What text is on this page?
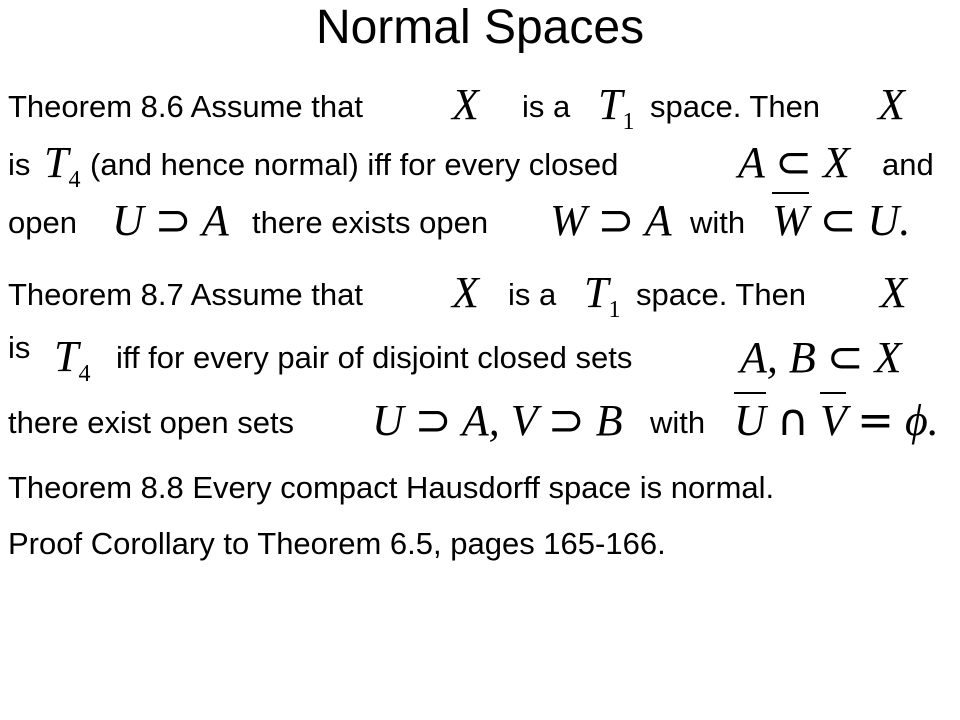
Normal Spaces
Theorem 8.6 Assume that X is a $T_1$ space. Then X
is $T_4$ (and hence normal) iff for every closed	A ⊂ X and
open U ⊃ A there exists open W ⊃ A with W ⊂ U.
Theorem 8.7 Assume that X is a $T_1$ space. Then X
is $T_4$ iff for every pair of disjoint closed sets A, B ⊂ X
there exist open sets U ⊃ A, V ⊃ B with U ∩ V = ϕ.
Theorem 8.8 Every compact Hausdorff space is normal.
Proof Corollary to Theorem 6.5, pages 165-166.
